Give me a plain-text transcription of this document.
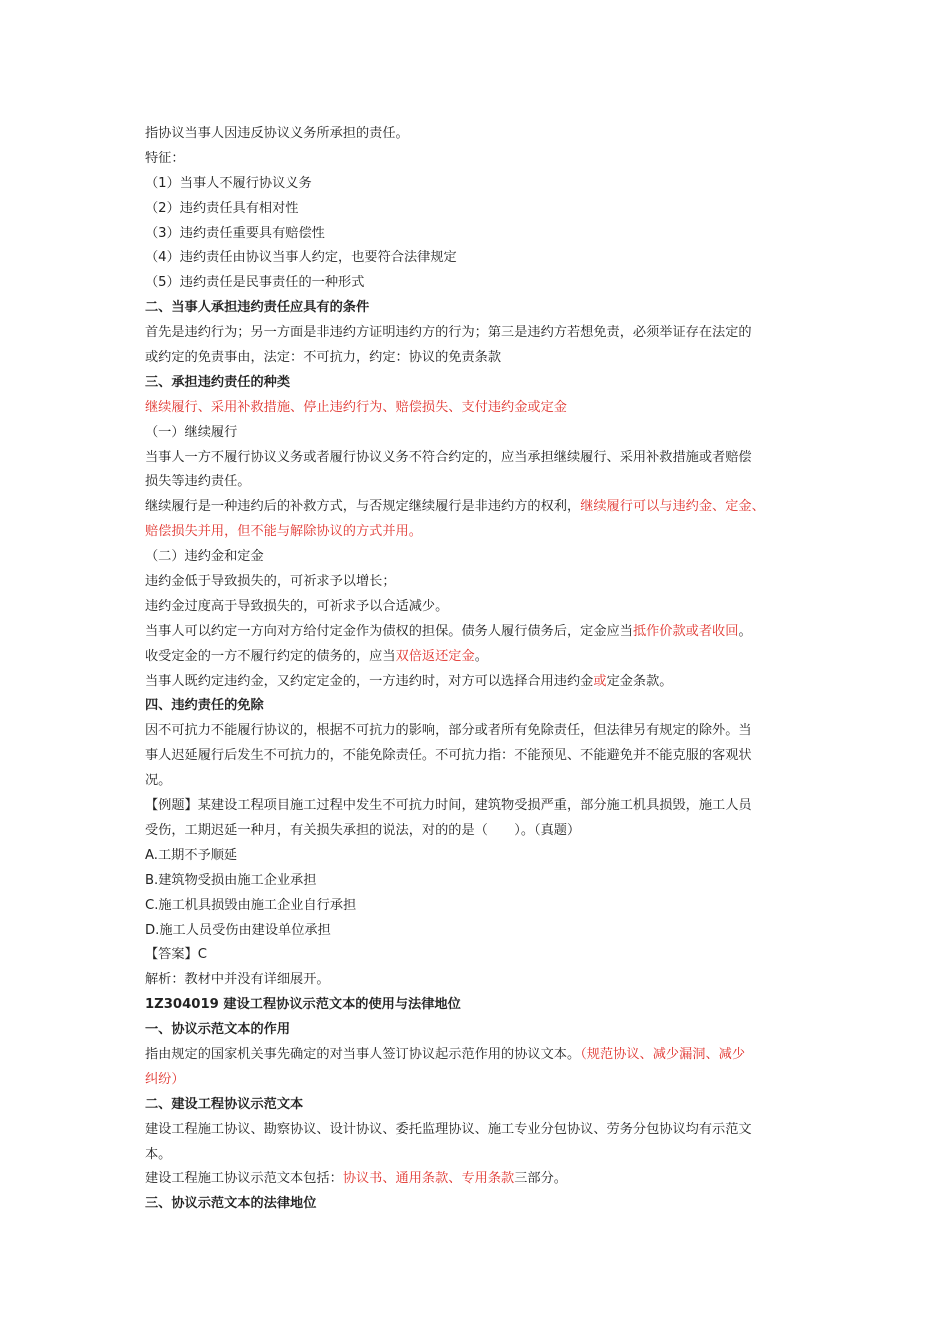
指协议当事人因违反协议义务所承担的责任。
特征：
（1）当事人不履行协议义务
（2）违约责任具有相对性
（3）违约责任重要具有赔偿性
（4）违约责任由协议当事人约定，也要符合法律规定
（5）违约责任是民事责任的一种形式
二、当事人承担违约责任应具有的条件
首先是违约行为；另一方面是非违约方证明违约方的行为；第三是违约方若想免责，必须举证存在法定的
或约定的免责事由，法定：不可抗力，约定：协议的免责条款
三、承担违约责任的种类
继续履行、采用补救措施、停止违约行为、赔偿损失、支付违约金或定金
（一）继续履行
当事人一方不履行协议义务或者履行协议义务不符合约定的，应当承担继续履行、采用补救措施或者赔偿
损失等违约责任。
继续履行是一种违约后的补救方式，与否规定继续履行是非违约方的权利，继续履行可以与违约金、定金、
赔偿损失并用，但不能与解除协议的方式并用。
（二）违约金和定金
违约金低于导致损失的，可祈求予以增长；
违约金过度高于导致损失的，可祈求予以合适减少。
当事人可以约定一方向对方给付定金作为债权的担保。债务人履行债务后，定金应当抵作价款或者收回。
收受定金的一方不履行约定的债务的，应当双倍返还定金。
当事人既约定违约金，又约定定金的，一方违约时，对方可以选择合用违约金或定金条款。
四、违约责任的免除
因不可抗力不能履行协议的，根据不可抗力的影响，部分或者所有免除责任，但法律另有规定的除外。当
事人迟延履行后发生不可抗力的，不能免除责任。不可抗力指：不能预见、不能避免并不能克服的客观状
况。
【例题】某建设工程项目施工过程中发生不可抗力时间，建筑物受损严重，部分施工机具损毁，施工人员
受伤，工期迟延一种月，有关损失承担的说法，对的的是（　　）。（真题）
A.工期不予顺延
B.建筑物受损由施工企业承担
C.施工机具损毁由施工企业自行承担
D.施工人员受伤由建设单位承担
【答案】C
解析：教材中并没有详细展开。
1Z304019 建设工程协议示范文本的使用与法律地位
一、协议示范文本的作用
指由规定的国家机关事先确定的对当事人签订协议起示范作用的协议文本。（规范协议、减少漏洞、减少
纠纷）
二、建设工程协议示范文本
建设工程施工协议、勘察协议、设计协议、委托监理协议、施工专业分包协议、劳务分包协议均有示范文
本。
建设工程施工协议示范文本包括：协议书、通用条款、专用条款三部分。
三、协议示范文本的法律地位
